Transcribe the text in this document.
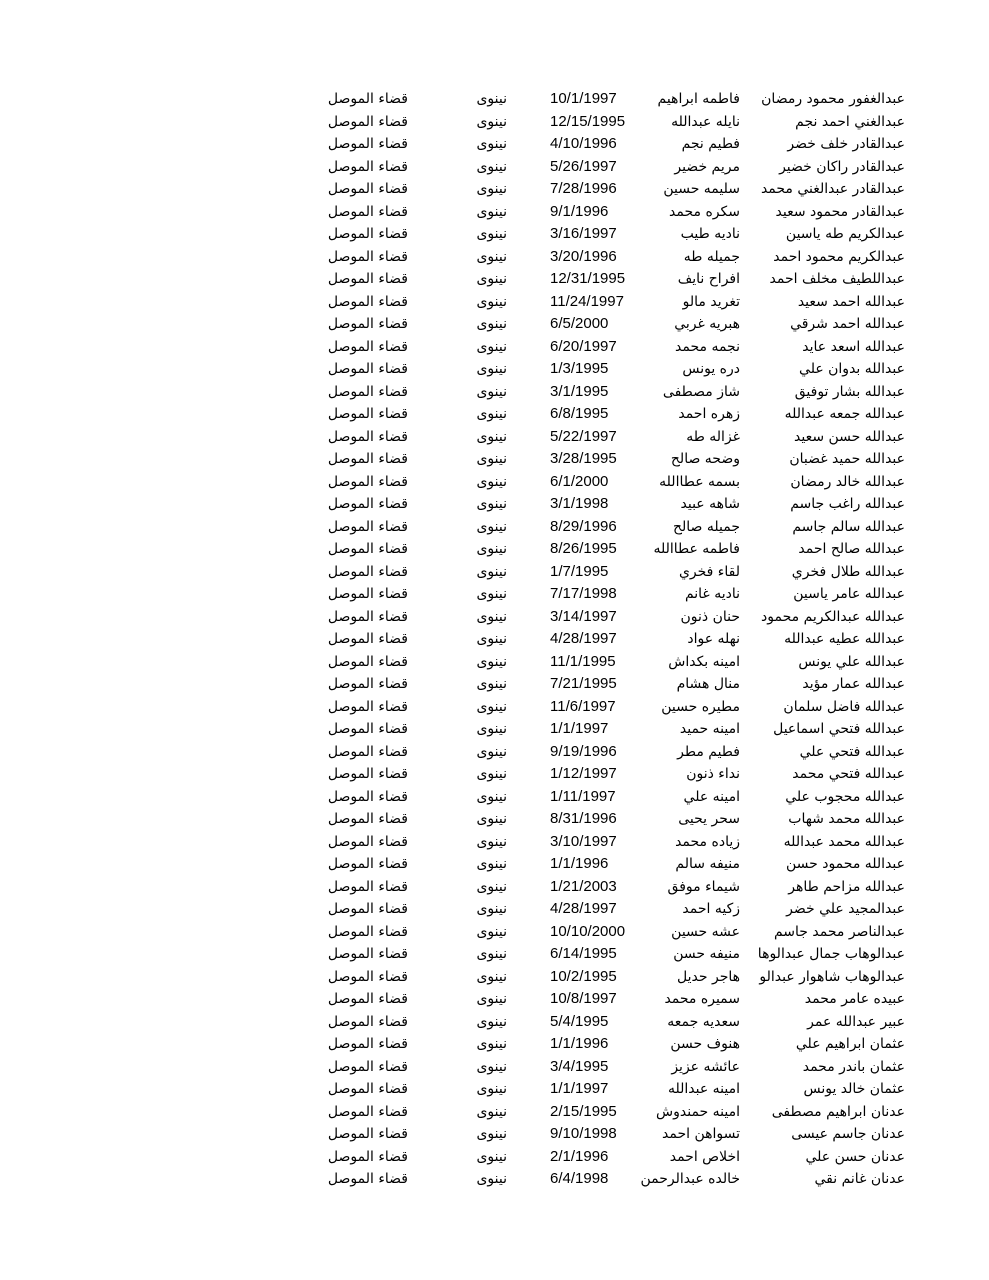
عبدالغفور محمود رمضان
فاطمه ابراهيم
10/1/1997
نينوى
قضاء الموصل
عبدالغني احمد نجم
نايله عبدالله
12/15/1995
نينوى
قضاء الموصل
عبدالقادر خلف خضر
فطيم نجم
4/10/1996
نينوى
قضاء الموصل
عبدالقادر راكان خضير
مريم خضير
5/26/1997
نينوى
قضاء الموصل
عبدالقادر عبدالغني محمد
سليمه حسين
7/28/1996
نينوى
قضاء الموصل
عبدالقادر محمود سعيد
سكره محمد
9/1/1996
نينوى
قضاء الموصل
عبدالكريم طه ياسين
ناديه طيب
3/16/1997
نينوى
قضاء الموصل
عبدالكريم محمود احمد
جميله طه
3/20/1996
نينوى
قضاء الموصل
عبداللطيف مخلف احمد
افراح نايف
12/31/1995
نينوى
قضاء الموصل
عبدالله احمد سعيد
تغريد مالو
11/24/1997
نينوى
قضاء الموصل
عبدالله احمد شرقي
هبريه غربي
6/5/2000
نينوى
قضاء الموصل
عبدالله اسعد عايد
نجمه محمد
6/20/1997
نينوى
قضاء الموصل
عبدالله بدوان علي
دره يونس
1/3/1995
نينوى
قضاء الموصل
عبدالله بشار توفيق
شاز مصطفى
3/1/1995
نينوى
قضاء الموصل
عبدالله جمعه عبدالله
زهره احمد
6/8/1995
نينوى
قضاء الموصل
عبدالله حسن سعيد
غزاله طه
5/22/1997
نينوى
قضاء الموصل
عبدالله حميد غضبان
وضحه صالح
3/28/1995
نينوى
قضاء الموصل
عبدالله خالد رمضان
بسمه عطاالله
6/1/2000
نينوى
قضاء الموصل
عبدالله راغب جاسم
شاهه عبيد
3/1/1998
نينوى
قضاء الموصل
عبدالله سالم جاسم
جميله صالح
8/29/1996
نينوى
قضاء الموصل
عبدالله صالح احمد
فاطمه عطاالله
8/26/1995
نينوى
قضاء الموصل
عبدالله طلال فخري
لقاء فخري
1/7/1995
نينوى
قضاء الموصل
عبدالله عامر ياسين
ناديه غانم
7/17/1998
نينوى
قضاء الموصل
عبدالله عبدالكريم محمود
حنان ذنون
3/14/1997
نينوى
قضاء الموصل
عبدالله عطيه عبدالله
نهله عواد
4/28/1997
نينوى
قضاء الموصل
عبدالله علي يونس
امينه بكداش
11/1/1995
نينوى
قضاء الموصل
عبدالله عمار مؤيد
منال هشام
7/21/1995
نينوى
قضاء الموصل
عبدالله فاضل سلمان
مطيره حسين
11/6/1997
نينوى
قضاء الموصل
عبدالله فتحي اسماعيل
امينه حميد
1/1/1997
نينوى
قضاء الموصل
عبدالله فتحي علي
فطيم مطر
9/19/1996
نينوى
قضاء الموصل
عبدالله فتحي محمد
نداء ذنون
1/12/1997
نينوى
قضاء الموصل
عبدالله محجوب علي
امينه علي
1/11/1997
نينوى
قضاء الموصل
عبدالله محمد شهاب
سحر يحيى
8/31/1996
نينوى
قضاء الموصل
عبدالله محمد عبدالله
زياده محمد
3/10/1997
نينوى
قضاء الموصل
عبدالله محمود حسن
منيفه سالم
1/1/1996
نينوى
قضاء الموصل
عبدالله مزاحم طاهر
شيماء موفق
1/21/2003
نينوى
قضاء الموصل
عبدالمجيد علي خضر
زكيه احمد
4/28/1997
نينوى
قضاء الموصل
عبدالناصر محمد جاسم
عشه حسين
10/10/2000
نينوى
قضاء الموصل
عبدالوهاب جمال عبدالوها
منيفه حسن
6/14/1995
نينوى
قضاء الموصل
عبدالوهاب شاهوار عبدالو
هاجر حديل
10/2/1995
نينوى
قضاء الموصل
عبيده عامر محمد
سميره محمد
10/8/1997
نينوى
قضاء الموصل
عبير عبدالله عمر
سعديه جمعه
5/4/1995
نينوى
قضاء الموصل
عثمان ابراهيم علي
هنوف حسن
1/1/1996
نينوى
قضاء الموصل
عثمان باندر محمد
عائشه عزيز
3/4/1995
نينوى
قضاء الموصل
عثمان خالد يونس
امينه عبدالله
1/1/1997
نينوى
قضاء الموصل
عدنان ابراهيم مصطفى
امينه حمندوش
2/15/1995
نينوى
قضاء الموصل
عدنان جاسم عيسى
تسواهن احمد
9/10/1998
نينوى
قضاء الموصل
عدنان حسن علي
اخلاص احمد
2/1/1996
نينوى
قضاء الموصل
عدنان غانم نقي
خالده عبدالرحمن
6/4/1998
نينوى
قضاء الموصل
